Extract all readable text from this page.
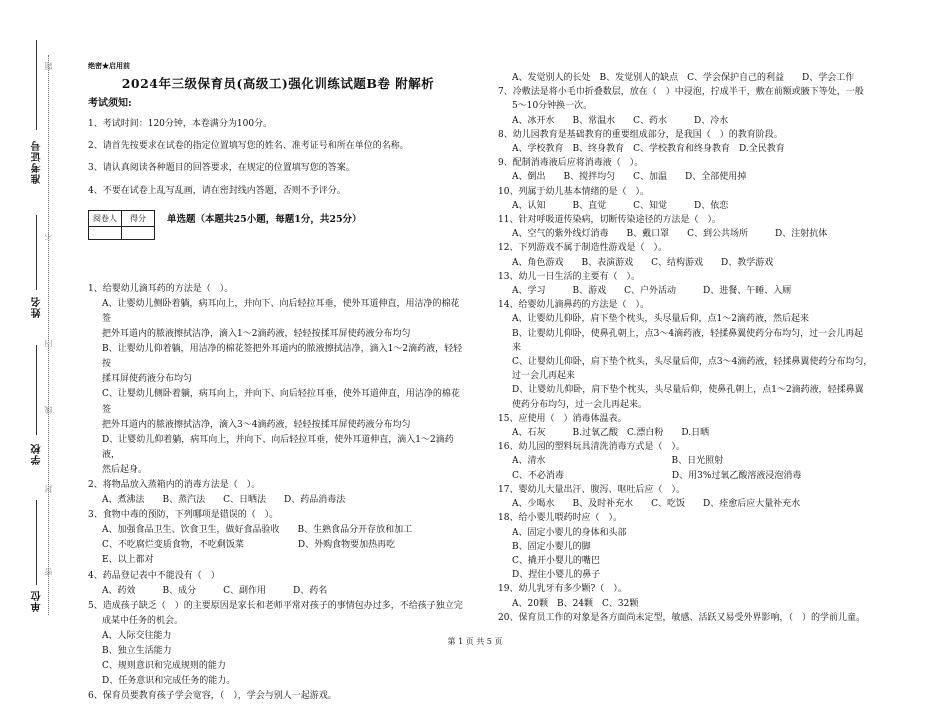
准考证号
姓名
学校
单位
题
不
内
线
封
密
绝密★启用前
2024年三级保育员(高级工)强化训练试题B卷 附解析
考试须知:
1、考试时间：120分钟，本卷满分为100分。
2、请首先按要求在试卷的指定位置填写您的姓名、准考证号和所在单位的名称。
3、请认真阅读各种题目的回答要求，在规定的位置填写您的答案。
4、不要在试卷上乱写乱画，请在密封线内答题，否则不予评分。
阅卷人	得分
	单选题（本题共25小题，每题1分，共25分）
1、给婴幼儿滴耳药的方法是（　）。
A、让婴幼儿侧卧着躺，病耳向上，并向下、向后轻拉耳垂，使外耳道伸直，用洁净的棉花签
把外耳道内的脓液擦拭洁净，滴入1～2滴药液，轻轻按揉耳屏使药液分布均匀
B、让婴幼儿仰着躺，用洁净的棉花签把外耳道内的脓液擦拭洁净，滴入1～2滴药液，轻轻按
揉耳屏使药液分布均匀
C、让婴幼儿侧卧着躺，病耳向上，并向下、向后轻拉耳垂，使外耳道伸直，用洁净的棉花签
把外耳道内的脓液擦拭洁净，滴入3～4滴药液，轻轻按揉耳屏使药液分布均匀
D、让婴幼儿仰着躺，病耳向上，并向下、向后轻拉耳垂，使外耳道伸直，滴入1～2滴药液，
然后起身。
2、将物品放入蒸箱内的消毒方法是（　）。
A、煮沸法　　B、蒸汽法　　C、日晒法　　D、药品消毒法
3、食物中毒的预防，下列哪项是错误的（　）。
A、加强食品卫生、饮食卫生，做好食品验收　　B、生熟食品分开存放和加工
C、不吃腐烂变质食物，不吃剩饭菜　　　　　　D、外购食物要加热再吃
E、以上都对
4、药品登记表中不能没有（　）
A、药效　　　B、成分　　　C、副作用　　　D、药名
5、造成孩子缺乏（　）的主要原因是家长和老师平常对孩子的事情包办过多，不给孩子独立完
成某中任务的机会。
A、人际交往能力
B、独立生活能力
C、规则意识和完成规则的能力
D、任务意识和完成任务的能力。
6、保育员要教育孩子学会宽容，（　），学会与别人一起游戏。
A、发觉别人的长处　B、发觉别人的缺点　C、学会保护自己的利益　　D、学会工作
7、冷敷法是将小毛巾折叠数层，放在（　）中浸泡，拧成半干，敷在前额或腋下等处，一般
5～10分钟换一次。
A、冰开水　　B、常温水　　C、药水　　　D、冷水
8、幼儿园教育是基础教育的重要组成部分，是我国（　）的教育阶段。
A、学校教育　B、终身教育　C、学校教育和终身教育　D.全民教育
9、配制消毒液后应将消毒液（　）。
A、倒出　　B、搅拌均匀　　C、加温　　D、全部使用掉
10、列属于幼儿基本情绪的是（　）。
A、认知　　　B、直觉　　　C、知觉　　　D、依恋
11、针对呼吸道传染病，切断传染途径的方法是（　）。
A、空气的紫外线灯消毒　　B、戴口罩　　C、到公共场所　　　D、注射抗体
12、下列游戏不属于制造性游戏是（　）。
A、角色游戏　　B、表演游戏　　C、结构游戏　　D、教学游戏
13、幼儿一日生活的主要有（　）。
A、学习　　　B、游戏　　C、户外活动　　　D、进餐、午睡、入厕
14、给婴幼儿滴鼻药的方法是（　）。
A、让婴幼儿仰卧，肩下垫个枕头，头尽量后仰，点1～2滴药液，然后起来
B、让婴幼儿仰卧，使鼻孔朝上，点3～4滴药液，轻揉鼻翼使药分布均匀，过一会儿再起
来
C、让婴幼儿仰卧，肩下垫个枕头，头尽量后仰，点3～4滴药液，轻揉鼻翼使药分布均匀，
过一会儿再起来
D、让婴幼儿仰卧，肩下垫个枕头，头尽量后仰，使鼻孔朝上，点1～2滴药液，轻揉鼻翼
使药分布均匀，过一会儿再起来。
15、应使用（　）消毒体温表。
A、石灰　　　B.过氧乙酸　C.漂白粉　　D.日晒
16、幼儿园的塑料玩具清洗消毒方式是（　）。
A、清水　　　　　　　　　　　　　　B、日光照射
C、不必消毒　　　　　　　　　　　　D、用3%过氧乙酸溶液浸泡消毒
17、婴幼儿大量出汗、腹泻、呕吐后应（　）。
A、少喝水　　B、及时补充水　　C、吃饭　　D、痊愈后应大量补充水
18、给小婴儿喂药时应（　）。
A、固定小婴儿的身体和头部
B、固定小婴儿的脚
C、撬开小婴儿的嘴巴
D、捏住小婴儿的鼻子
19、幼儿乳牙有多少颗?（　）。
A、20颗　B、24颗　C、32颗
20、保育员工作的对象是各方面尚未定型，敏感、活跃又易受外界影响，（　）的学前儿童。
第 1 页 共 5 页
